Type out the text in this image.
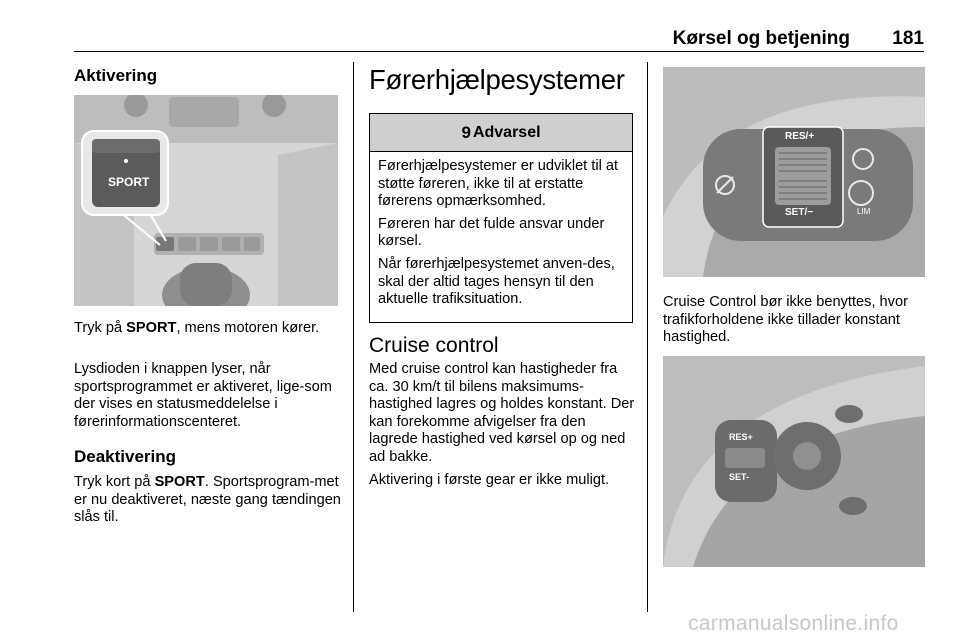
Kørsel og betjening 181
Aktivering
SPORT
Tryk på SPORT, mens motoren kører.
Lysdioden i knappen lyser, når sportsprogrammet er aktiveret, lige-som der vises en statusmeddelelse i førerinformationscenteret.
Deaktivering
Tryk kort på SPORT. Sportsprogram-met er nu deaktiveret, næste gang tændingen slås til.
Førerhjælpesystemer
9 Advarsel

Førerhjælpesystemer er udviklet til at støtte føreren, ikke til at erstatte førerens opmærksomhed.

Føreren har det fulde ansvar under kørsel.

Når førerhjælpesystemet anven-des, skal der altid tages hensyn til den aktuelle trafiksituation.

Cruise control
Med cruise control kan hastigheder fra ca. 30 km/t til bilens maksimums-hastighed lagres og holdes konstant. Der kan forekomme afvigelser fra den lagrede hastighed ved kørsel op og ned ad bakke.
Aktivering i første gear er ikke muligt.
RES/+
SET/−	LIM
Cruise Control bør ikke benyttes, hvor trafikforholdene ikke tillader konstant hastighed.
RES+
SET-
carmanualsonline.info
